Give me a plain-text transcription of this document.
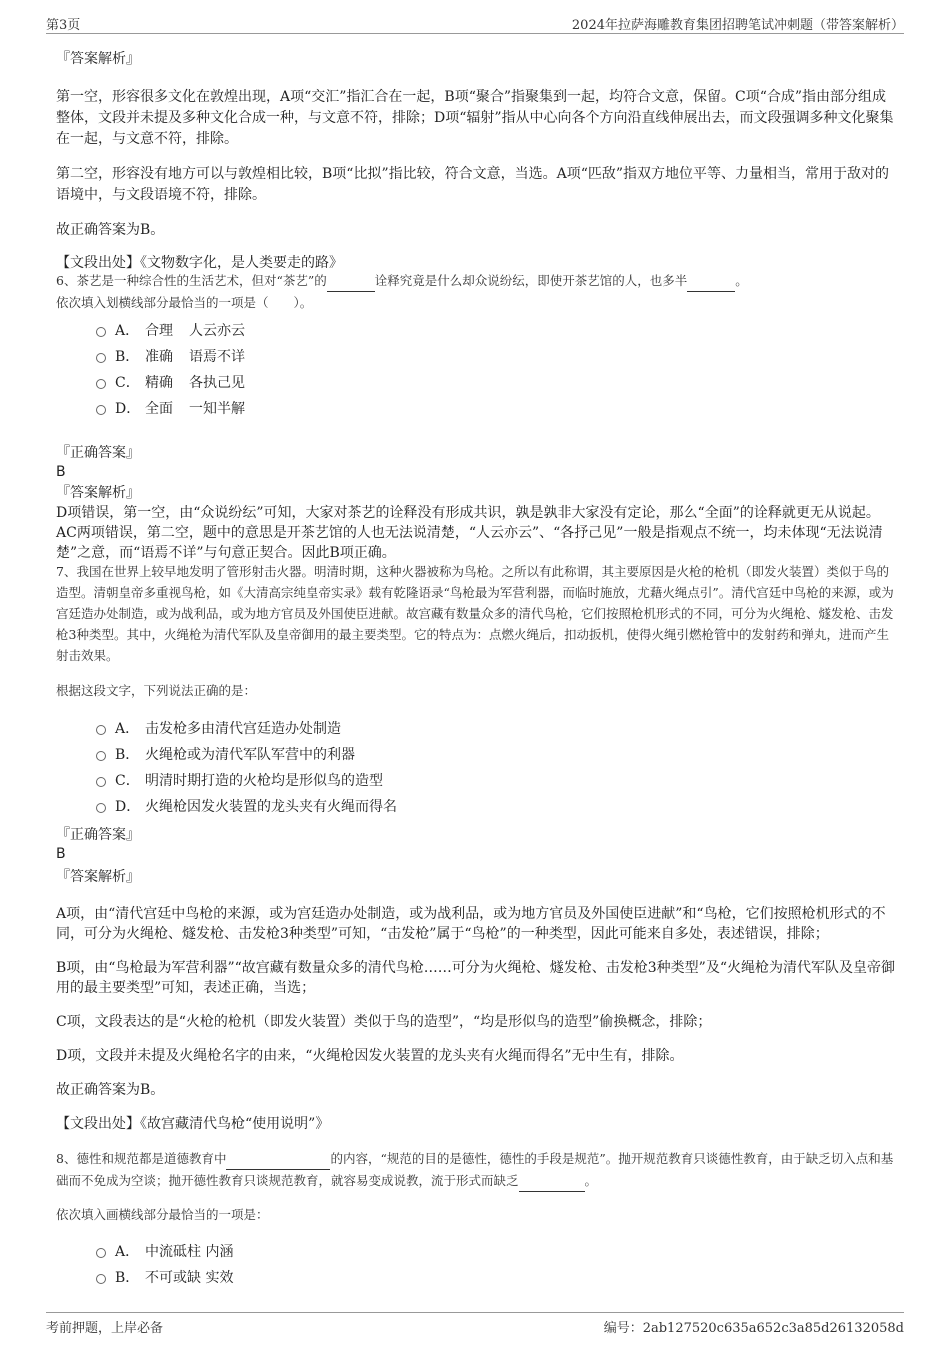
第3页	2024年拉萨海雕教育集团招聘笔试冲刺题（带答案解析）
『答案解析』
第一空，形容很多文化在敦煌出现，A项“交汇”指汇合在一起，B项“聚合”指聚集到一起，均符合文意，保留。C项“合成”指由部分组成整体，文段并未提及多种文化合成一种，与文意不符，排除；D项“辐射”指从中心向各个方向沿直线伸展出去，而文段强调多种文化聚集在一起，与文意不符，排除。
第二空，形容没有地方可以与敦煌相比较，B项“比拟”指比较，符合文意，当选。A项“匹敌”指双方地位平等、力量相当，常用于敌对的语境中，与文段语境不符，排除。
故正确答案为B。
【文段出处】《文物数字化，是人类要走的路》
6、茶艺是一种综合性的生活艺术，但对“茶艺”的	诠释究竟是什么却众说纷纭，即使开茶艺馆的人，也多半	。
依次填入划横线部分最恰当的一项是（　　）。
A． 合理 人云亦云
B． 准确 语焉不详
C． 精确 各执己见
D． 全面 一知半解
『正确答案』
B
『答案解析』
D项错误，第一空，由“众说纷纭”可知，大家对茶艺的诠释没有形成共识，孰是孰非大家没有定论，那么“全面”的诠释就更无从说起。AC两项错误，第二空，题中的意思是开茶艺馆的人也无法说清楚，“人云亦云”、“各抒己见”一般是指观点不统一，均未体现“无法说清楚”之意，而“语焉不详”与句意正契合。因此B项正确。
7、我国在世界上较早地发明了管形射击火器。明清时期，这种火器被称为鸟枪。之所以有此称谓，其主要原因是火枪的枪机（即发火装置）类似于鸟的造型。清朝皇帝多重视鸟枪，如《大清高宗纯皇帝实录》载有乾隆语录“鸟枪最为军营利器，而临时施放，尤藉火绳点引”。清代宫廷中鸟枪的来源，或为宫廷造办处制造，或为战利品，或为地方官员及外国使臣进献。故宫藏有数量众多的清代鸟枪，它们按照枪机形式的不同，可分为火绳枪、燧发枪、击发枪3种类型。其中，火绳枪为清代军队及皇帝御用的最主要类型。它的特点为：点燃火绳后，扣动扳机，使得火绳引燃枪管中的发射药和弹丸，进而产生射击效果。
根据这段文字，下列说法正确的是：
A． 击发枪多由清代宫廷造办处制造
B． 火绳枪或为清代军队军营中的利器
C． 明清时期打造的火枪均是形似鸟的造型
D． 火绳枪因发火装置的龙头夹有火绳而得名
『正确答案』
B
『答案解析』
A项，由“清代宫廷中鸟枪的来源，或为宫廷造办处制造，或为战利品，或为地方官员及外国使臣进献”和“鸟枪，它们按照枪机形式的不同，可分为火绳枪、燧发枪、击发枪3种类型”可知，“击发枪”属于“鸟枪”的一种类型，因此可能来自多处，表述错误，排除；
B项，由“鸟枪最为军营利器”“故宫藏有数量众多的清代鸟枪……可分为火绳枪、燧发枪、击发枪3种类型”及“火绳枪为清代军队及皇帝御用的最主要类型”可知，表述正确，当选；
C项，文段表达的是“火枪的枪机（即发火装置）类似于鸟的造型”，“均是形似鸟的造型”偷换概念，排除；
D项，文段并未提及火绳枪名字的由来，“火绳枪因发火装置的龙头夹有火绳而得名”无中生有，排除。
故正确答案为B。
【文段出处】《故宫藏清代鸟枪“使用说明”》
8、德性和规范都是道德教育中	的内容，“规范的目的是德性，德性的手段是规范”。抛开规范教育只谈德性教育，由于缺乏切入点和基础而不免成为空谈；抛开德性教育只谈规范教育，就容易变成说教，流于形式而缺乏	。
依次填入画横线部分最恰当的一项是：
A． 中流砥柱 内涵
B． 不可或缺 实效
考前押题，上岸必备	编号：2ab127520c635a652c3a85d26132058d
